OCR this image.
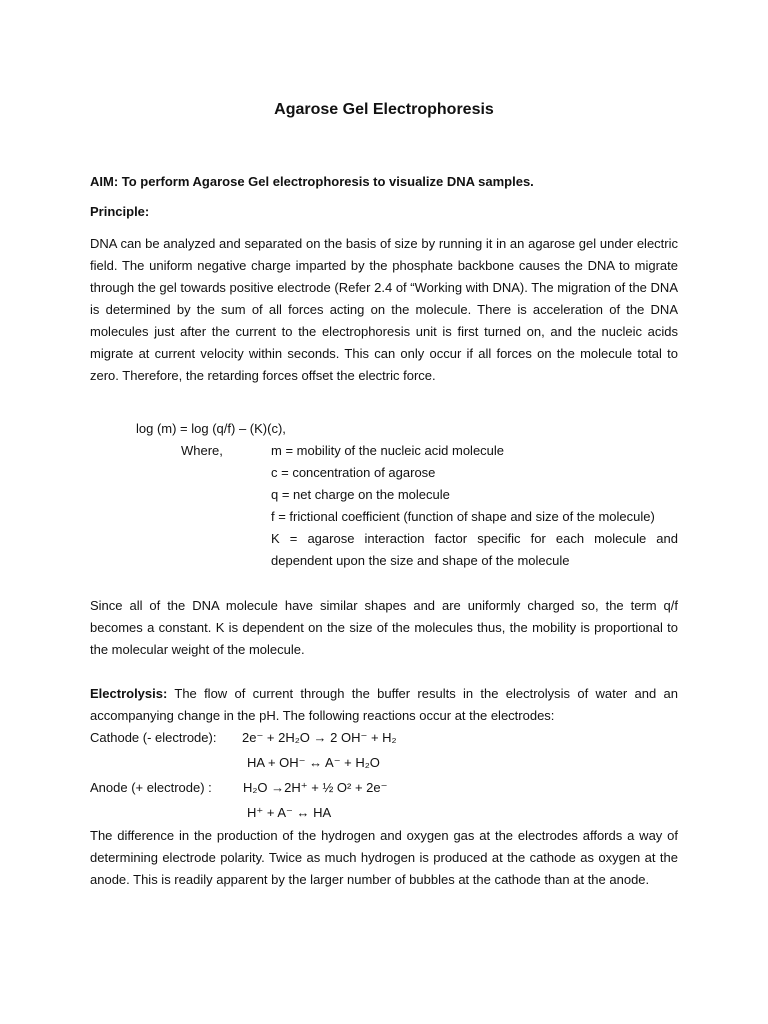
Agarose Gel Electrophoresis
AIM: To perform Agarose Gel electrophoresis to visualize DNA samples.
Principle:
DNA can be analyzed and separated on the basis of size by running it in an agarose gel under electric field. The uniform negative charge imparted by the phosphate backbone causes the DNA to migrate through the gel towards positive electrode (Refer 2.4 of “Working with DNA). The migration of the DNA is determined by the sum of all forces acting on the molecule. There is acceleration of the DNA molecules just after the current to the electrophoresis unit is first turned on, and the nucleic acids migrate at current velocity within seconds. This can only occur if all forces on the molecule total to zero. Therefore, the retarding forces offset the electric force.
log (m) = log (q/f) – (K)(c),
Where,	m = mobility of the nucleic acid molecule
c = concentration of agarose
q = net charge on the molecule
f = frictional coefficient (function of shape and size of the molecule)
K = agarose interaction factor specific for each molecule and dependent upon the size and shape of the molecule
Since all of the DNA molecule have similar shapes and are uniformly charged so, the term q/f becomes a constant. K is dependent on the size of the molecules thus, the mobility is proportional to the molecular weight of the molecule.
Electrolysis: The flow of current through the buffer results in the electrolysis of water and an accompanying change in the pH. The following reactions occur at the electrodes:
Cathode (- electrode): 2e⁻ + 2H₂O → 2 OH⁻ + H₂
HA + OH⁻ ↔ A⁻ + H₂O
Anode (+ electrode) : H₂O →2H⁺ + ½ O² + 2e⁻
H⁺ + A⁻ ↔ HA
The difference in the production of the hydrogen and oxygen gas at the electrodes affords a way of determining electrode polarity. Twice as much hydrogen is produced at the cathode as oxygen at the anode. This is readily apparent by the larger number of bubbles at the cathode than at the anode.
